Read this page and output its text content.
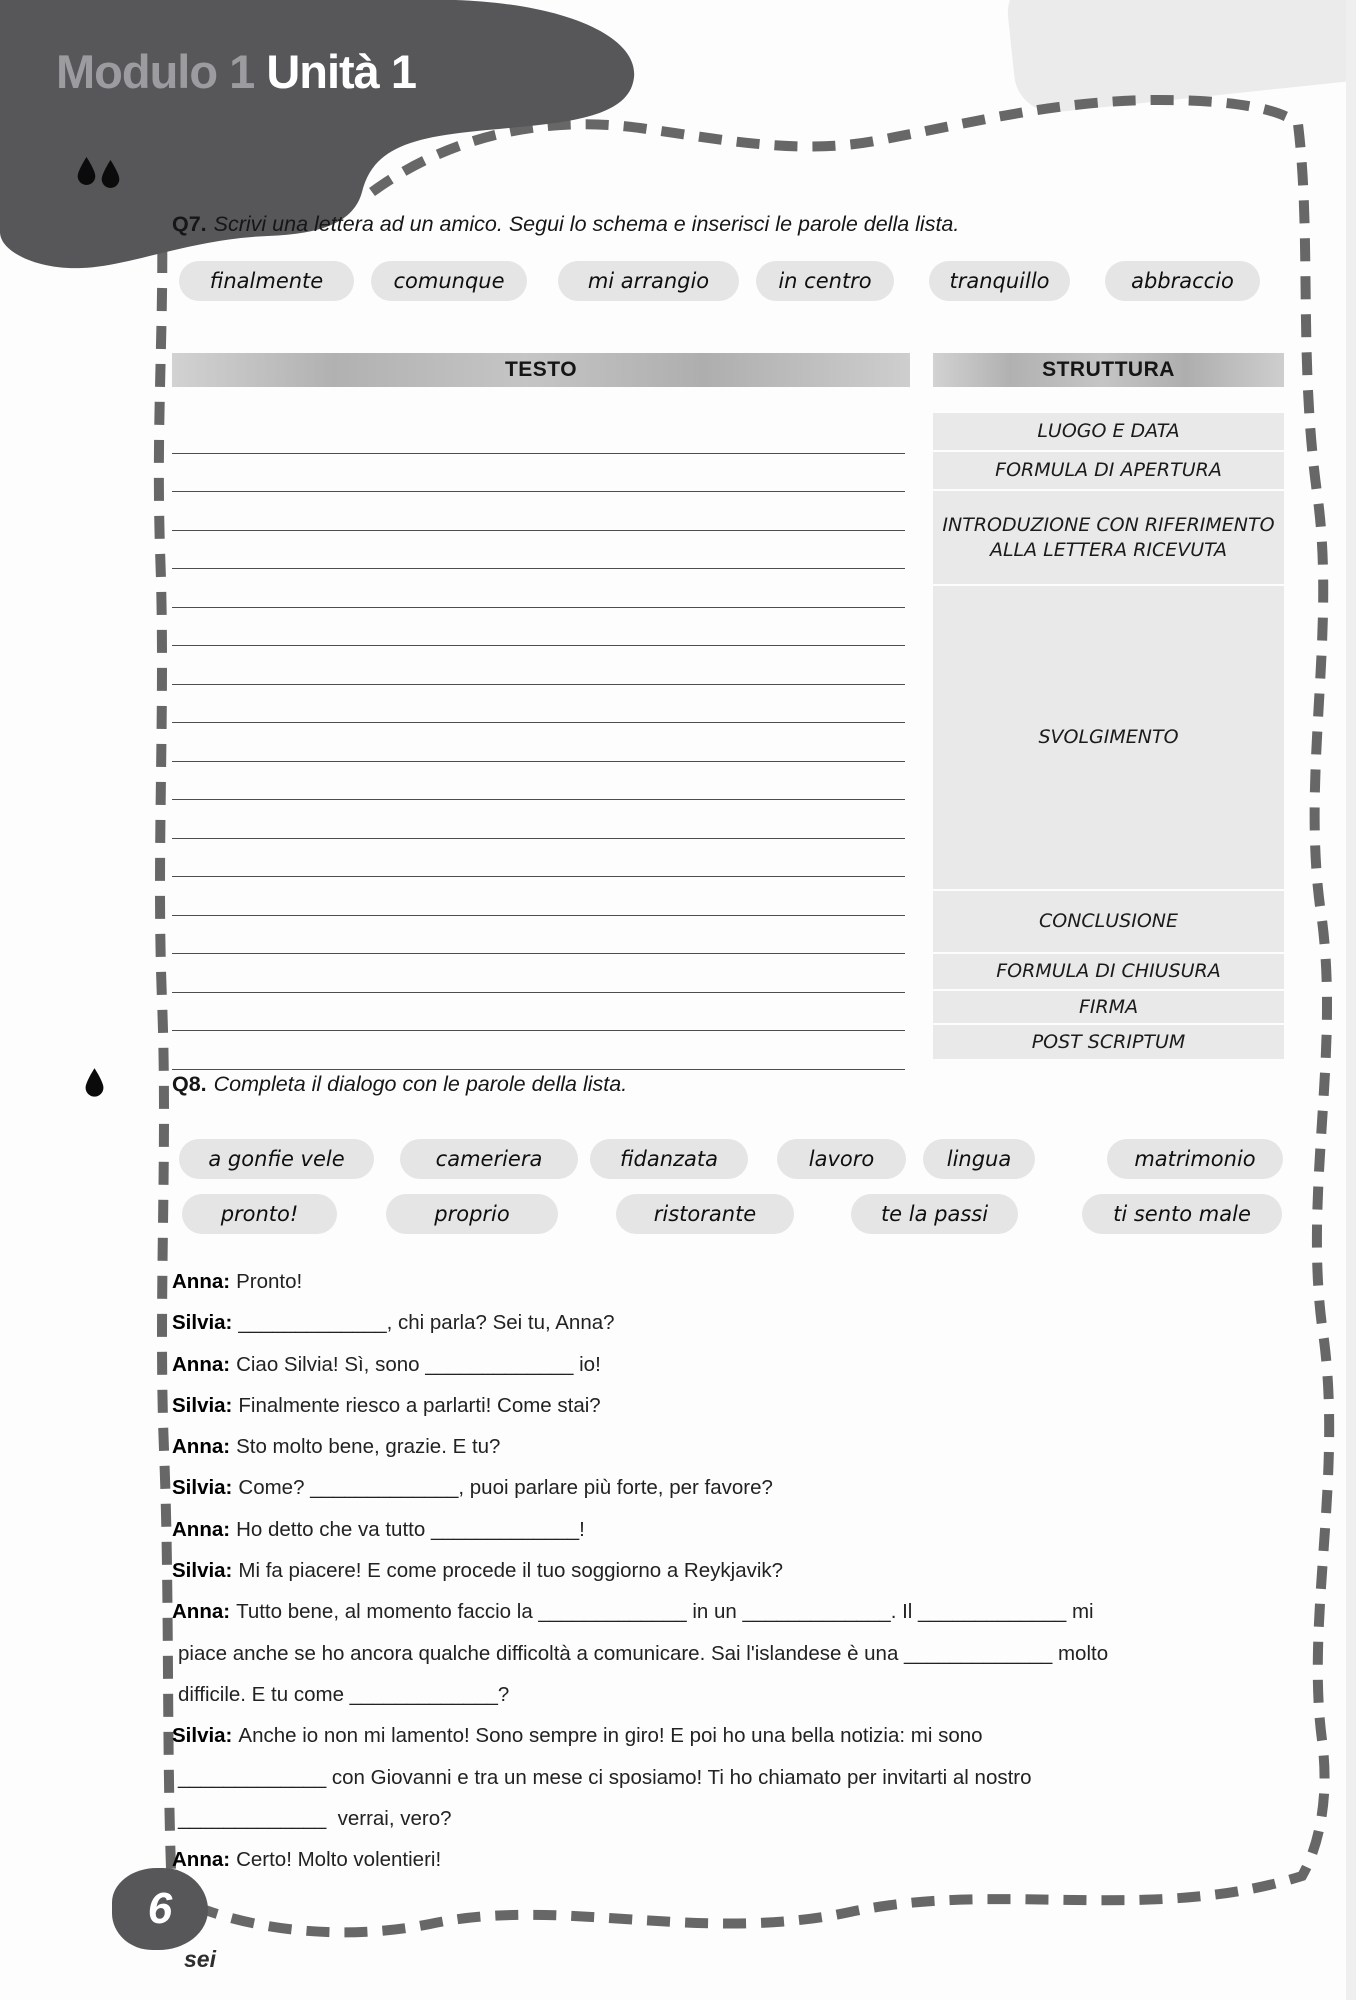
Modulo 1 Unità 1
Q7. Scrivi una lettera ad un amico. Segui lo schema e inserisci le parole della lista.
finalmente	comunque	mi arrangio	in centro	tranquillo	abbraccio
TESTO	STRUTTURA
LUOGO E DATA
FORMULA DI APERTURA
INTRODUZIONE CON RIFERIMENTO ALLA LETTERA RICEVUTA
SVOLGIMENTO
CONCLUSIONE
FORMULA DI CHIUSURA
FIRMA
POST SCRIPTUM
Q8. Completa il dialogo con le parole della lista.
a gonfie vele	cameriera	fidanzata	lavoro	lingua	matrimonio
pronto!	proprio	ristorante	te la passi	ti sento male
Anna: Pronto!
Silvia: _____________, chi parla? Sei tu, Anna?
Anna: Ciao Silvia! Sì, sono _____________ io!
Silvia: Finalmente riesco a parlarti! Come stai?
Anna: Sto molto bene, grazie. E tu?
Silvia: Come? _____________, puoi parlare più forte, per favore?
Anna: Ho detto che va tutto _____________!
Silvia: Mi fa piacere! E come procede il tuo soggiorno a Reykjavik?
Anna: Tutto bene, al momento faccio la _____________ in un _____________. Il _____________ mi
piace anche se ho ancora qualche difficoltà a comunicare. Sai l'islandese è una _____________ molto
difficile. E tu come _____________?
Silvia: Anche io non mi lamento! Sono sempre in giro! E poi ho una bella notizia: mi sono
_____________ con Giovanni e tra un mese ci sposiamo! Ti ho chiamato per invitarti al nostro
_____________  verrai, vero?
Anna: Certo! Molto volentieri!
6
sei
